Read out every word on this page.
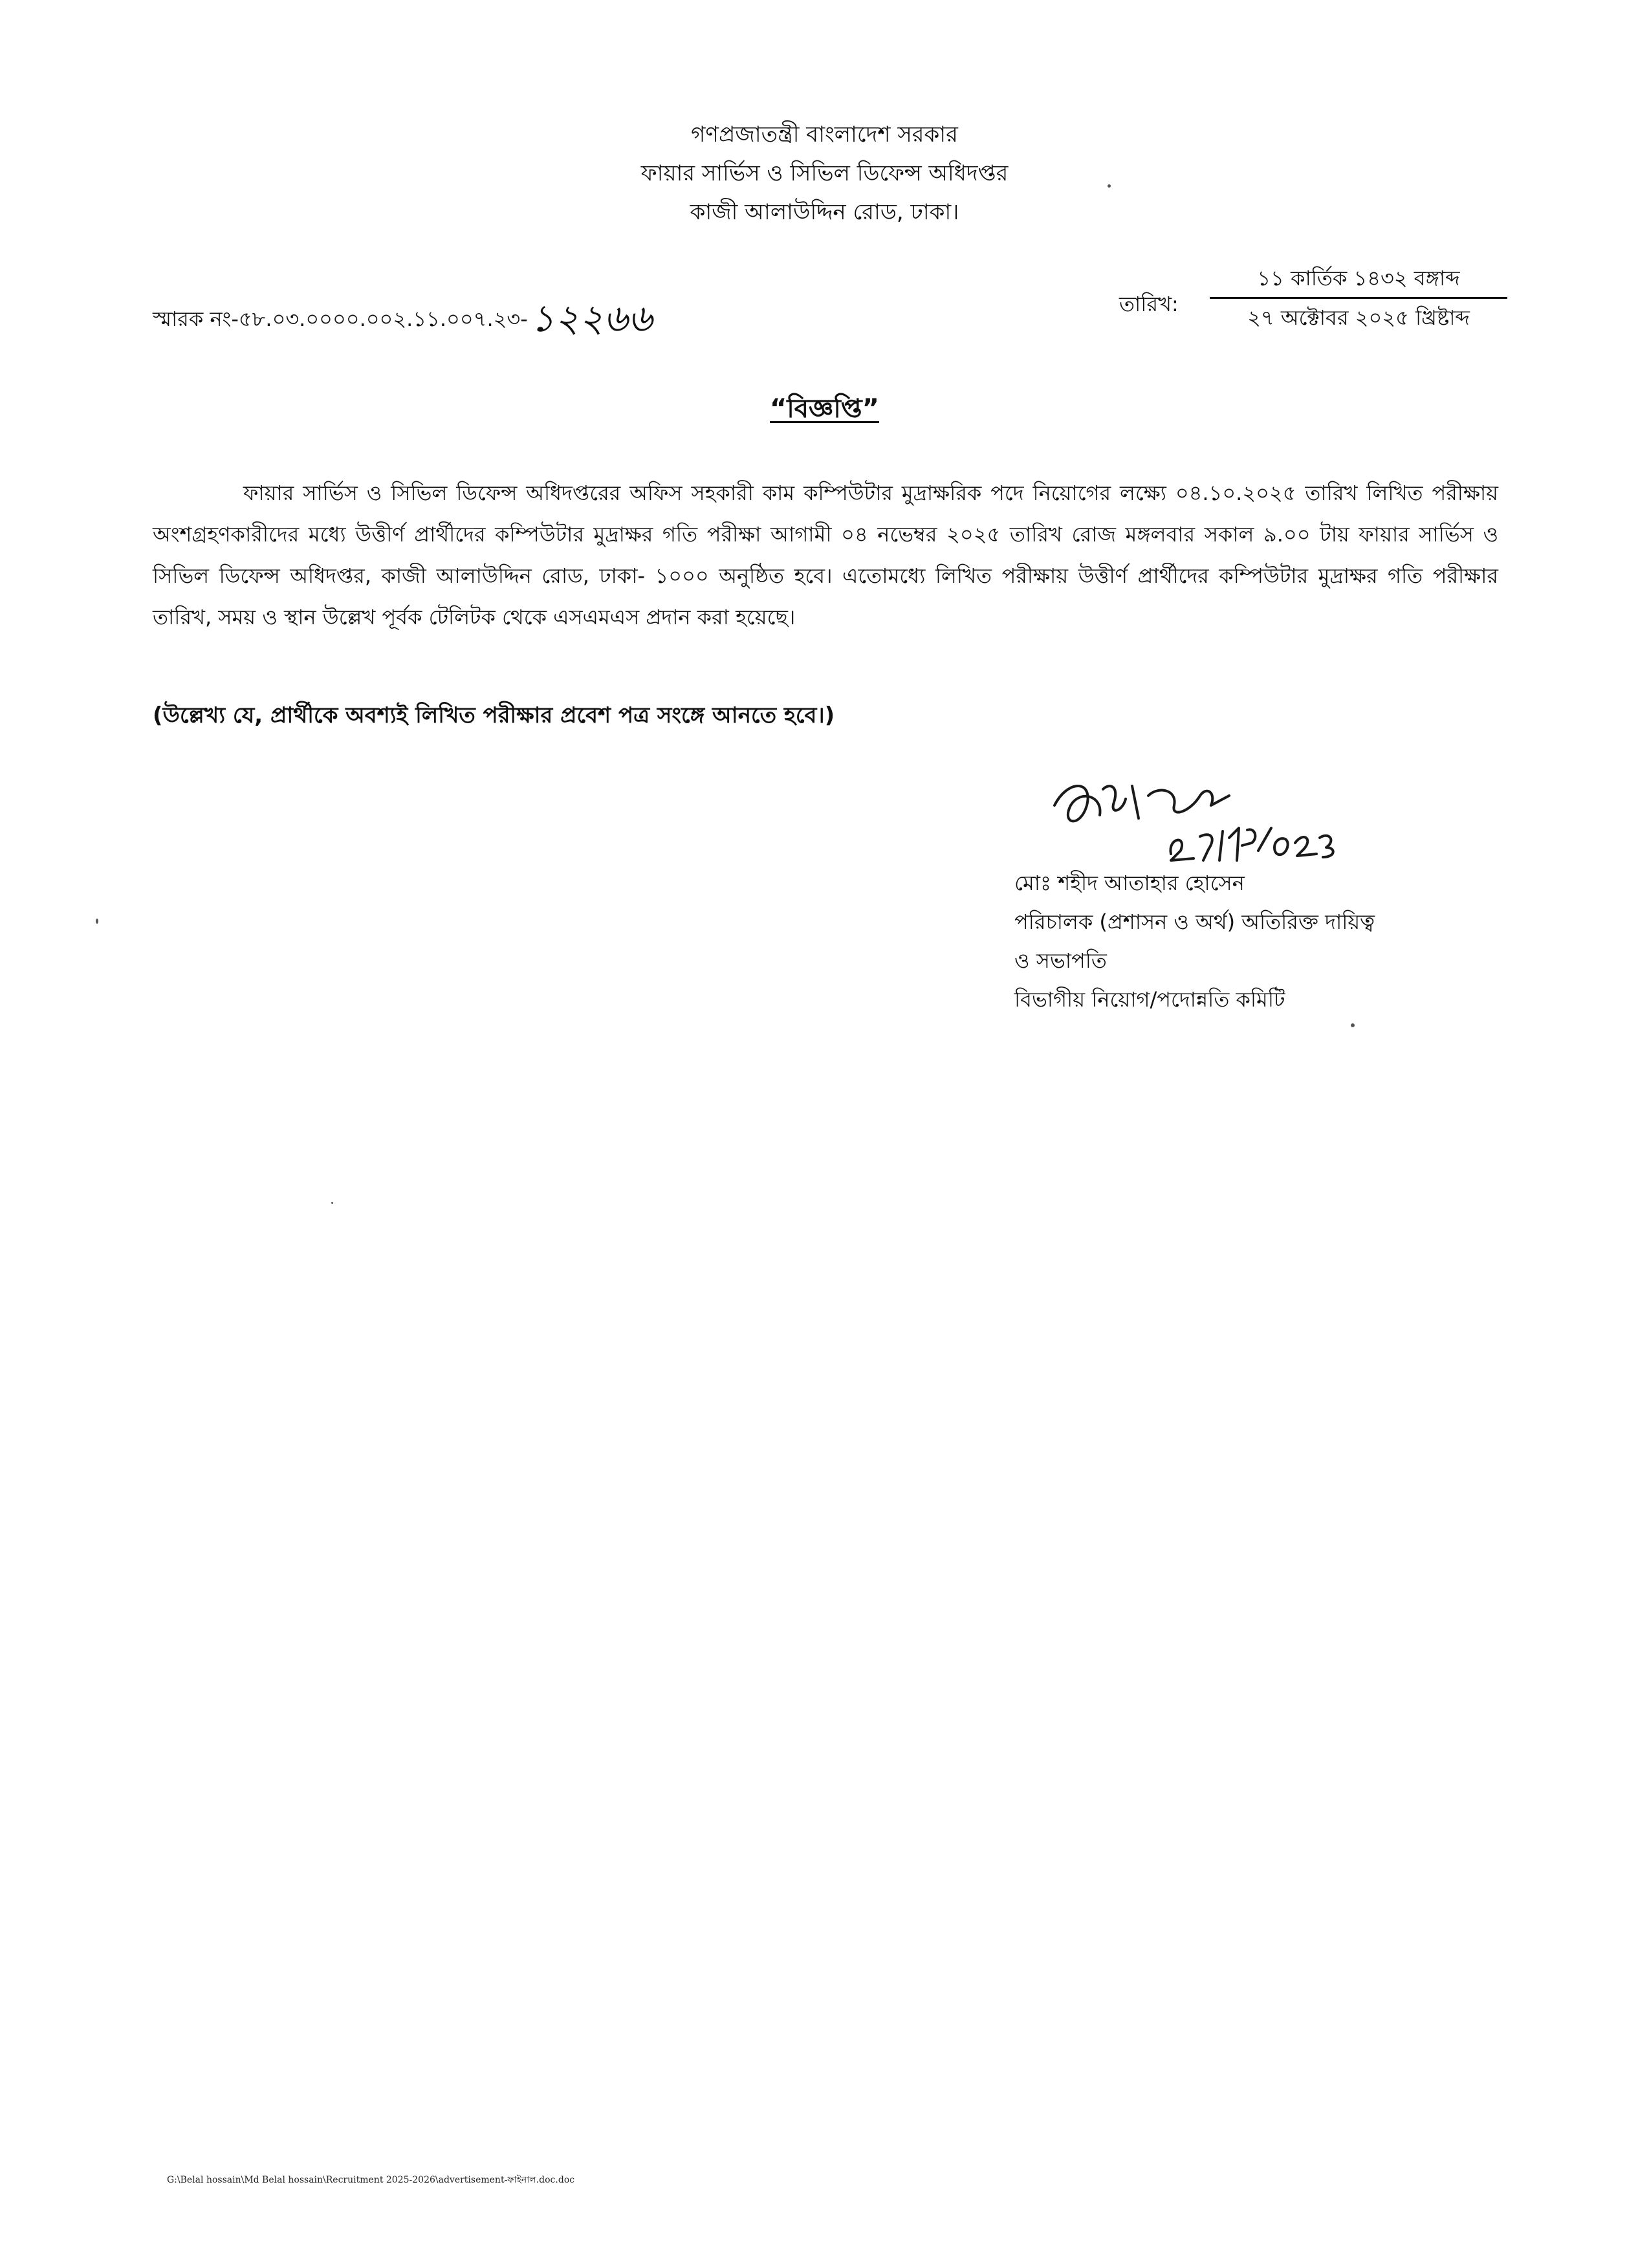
গণপ্রজাতন্ত্রী বাংলাদেশ সরকার
ফায়ার সার্ভিস ও সিভিল ডিফেন্স অধিদপ্তর
কাজী আলাউদ্দিন রোড, ঢাকা।
স্মারক নং-৫৮.০৩.০০০০.০০২.১১.০০৭.২৩-১২২৬৬	তারিখ:
১১ কার্তিক ১৪৩২ বঙ্গাব্দ
২৭ অক্টোবর ২০২৫ খ্রিষ্টাব্দ
“বিজ্ঞপ্তি”
ফায়ার সার্ভিস ও সিভিল ডিফেন্স অধিদপ্তরের অফিস সহকারী কাম কম্পিউটার মুদ্রাক্ষরিক পদে নিয়োগের লক্ষ্যে ০৪.১০.২০২৫ তারিখ লিখিত পরীক্ষায় অংশগ্রহণকারীদের মধ্যে উত্তীর্ণ প্রার্থীদের কম্পিউটার মুদ্রাক্ষর গতি পরীক্ষা আগামী ০৪ নভেম্বর ২০২৫ তারিখ রোজ মঙ্গলবার সকাল ৯.০০ টায় ফায়ার সার্ভিস ও সিভিল ডিফেন্স অধিদপ্তর, কাজী আলাউদ্দিন রোড, ঢাকা- ১০০০ অনুষ্ঠিত হবে। এতোমধ্যে লিখিত পরীক্ষায় উত্তীর্ণ প্রার্থীদের কম্পিউটার মুদ্রাক্ষর গতি পরীক্ষার তারিখ, সময় ও স্থান উল্লেখ পূর্বক টেলিটক থেকে এসএমএস প্রদান করা হয়েছে।
(উল্লেখ্য যে, প্রার্থীকে অবশ্যই লিখিত পরীক্ষার প্রবেশ পত্র সংঙ্গে আনতে হবে।)
মোঃ শহীদ আতাহার হোসেন
পরিচালক (প্রশাসন ও অর্থ) অতিরিক্ত দায়িত্ব
ও সভাপতি
বিভাগীয় নিয়োগ/পদোন্নতি কমিটি
G:\Belal hossain\Md Belal hossain\Recruitment 2025-2026\advertisement-ফাইনাল.doc.doc
